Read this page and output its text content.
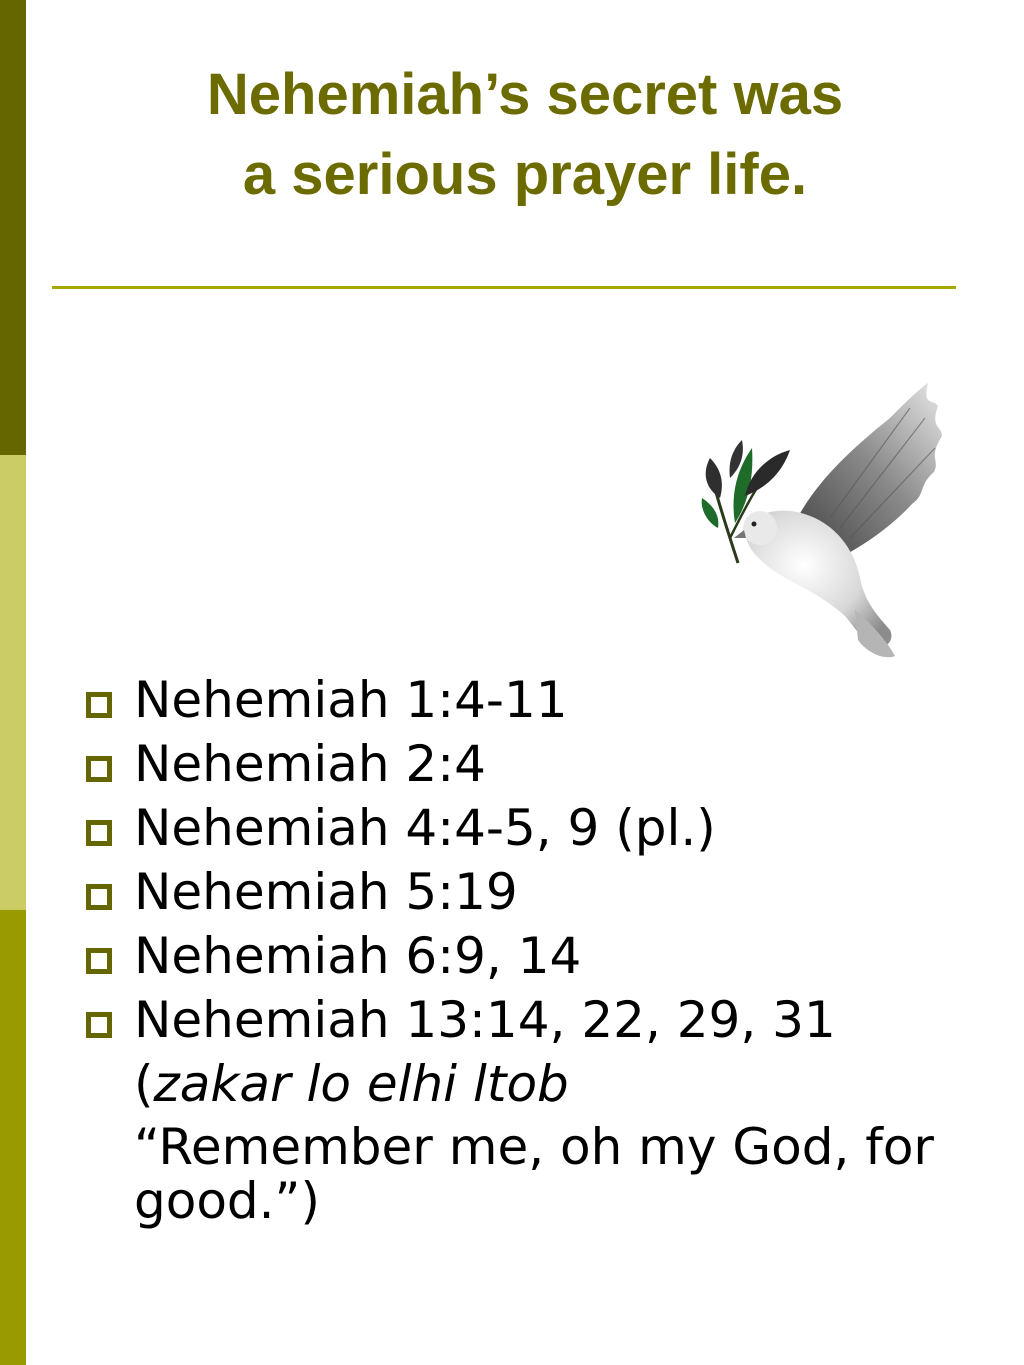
Nehemiah’s secret was
a serious prayer life.
Nehemiah 1:4-11
Nehemiah 2:4
Nehemiah 4:4-5, 9 (pl.)
Nehemiah 5:19
Nehemiah 6:9, 14
Nehemiah 13:14, 22, 29, 31
(zakar lo elhi ltob
“Remember me, oh my God, for good.”)
